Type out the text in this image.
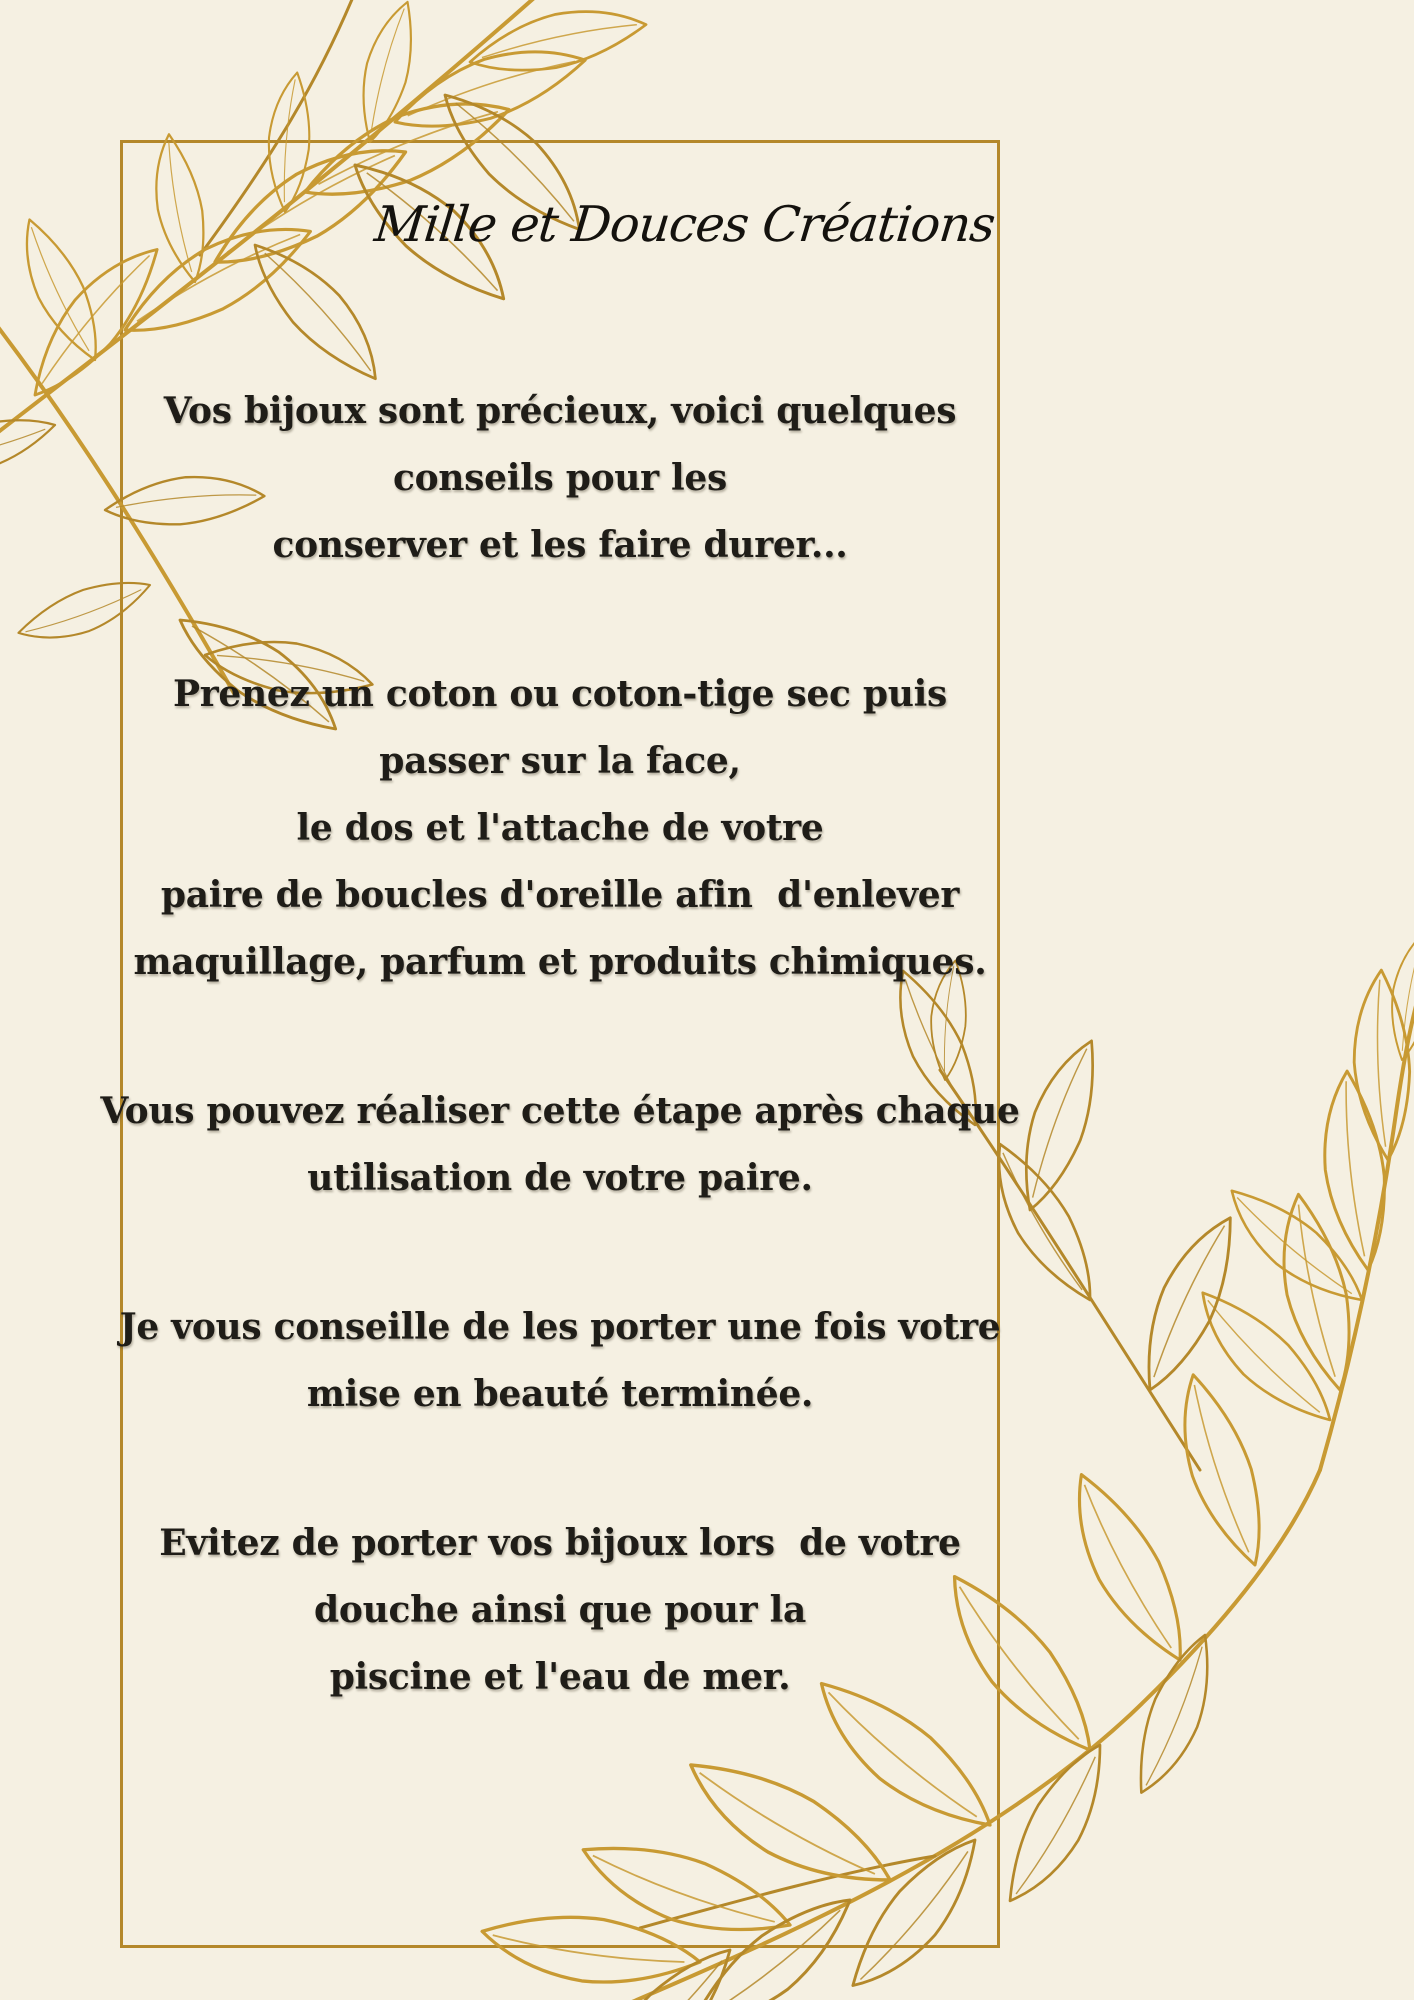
Mille et Douces Créations

Vos bijoux sont précieux, voici quelques
conseils pour les
conserver et les faire durer...

Prenez un coton ou coton-tige sec puis
passer sur la face,
le dos et l'attache de votre
paire de boucles d'oreille afin  d'enlever
maquillage, parfum et produits chimiques.

Vous pouvez réaliser cette étape après chaque
utilisation de votre paire.

Je vous conseille de les porter une fois votre
mise en beauté terminée.

Evitez de porter vos bijoux lors  de votre
douche ainsi que pour la
piscine et l'eau de mer.
